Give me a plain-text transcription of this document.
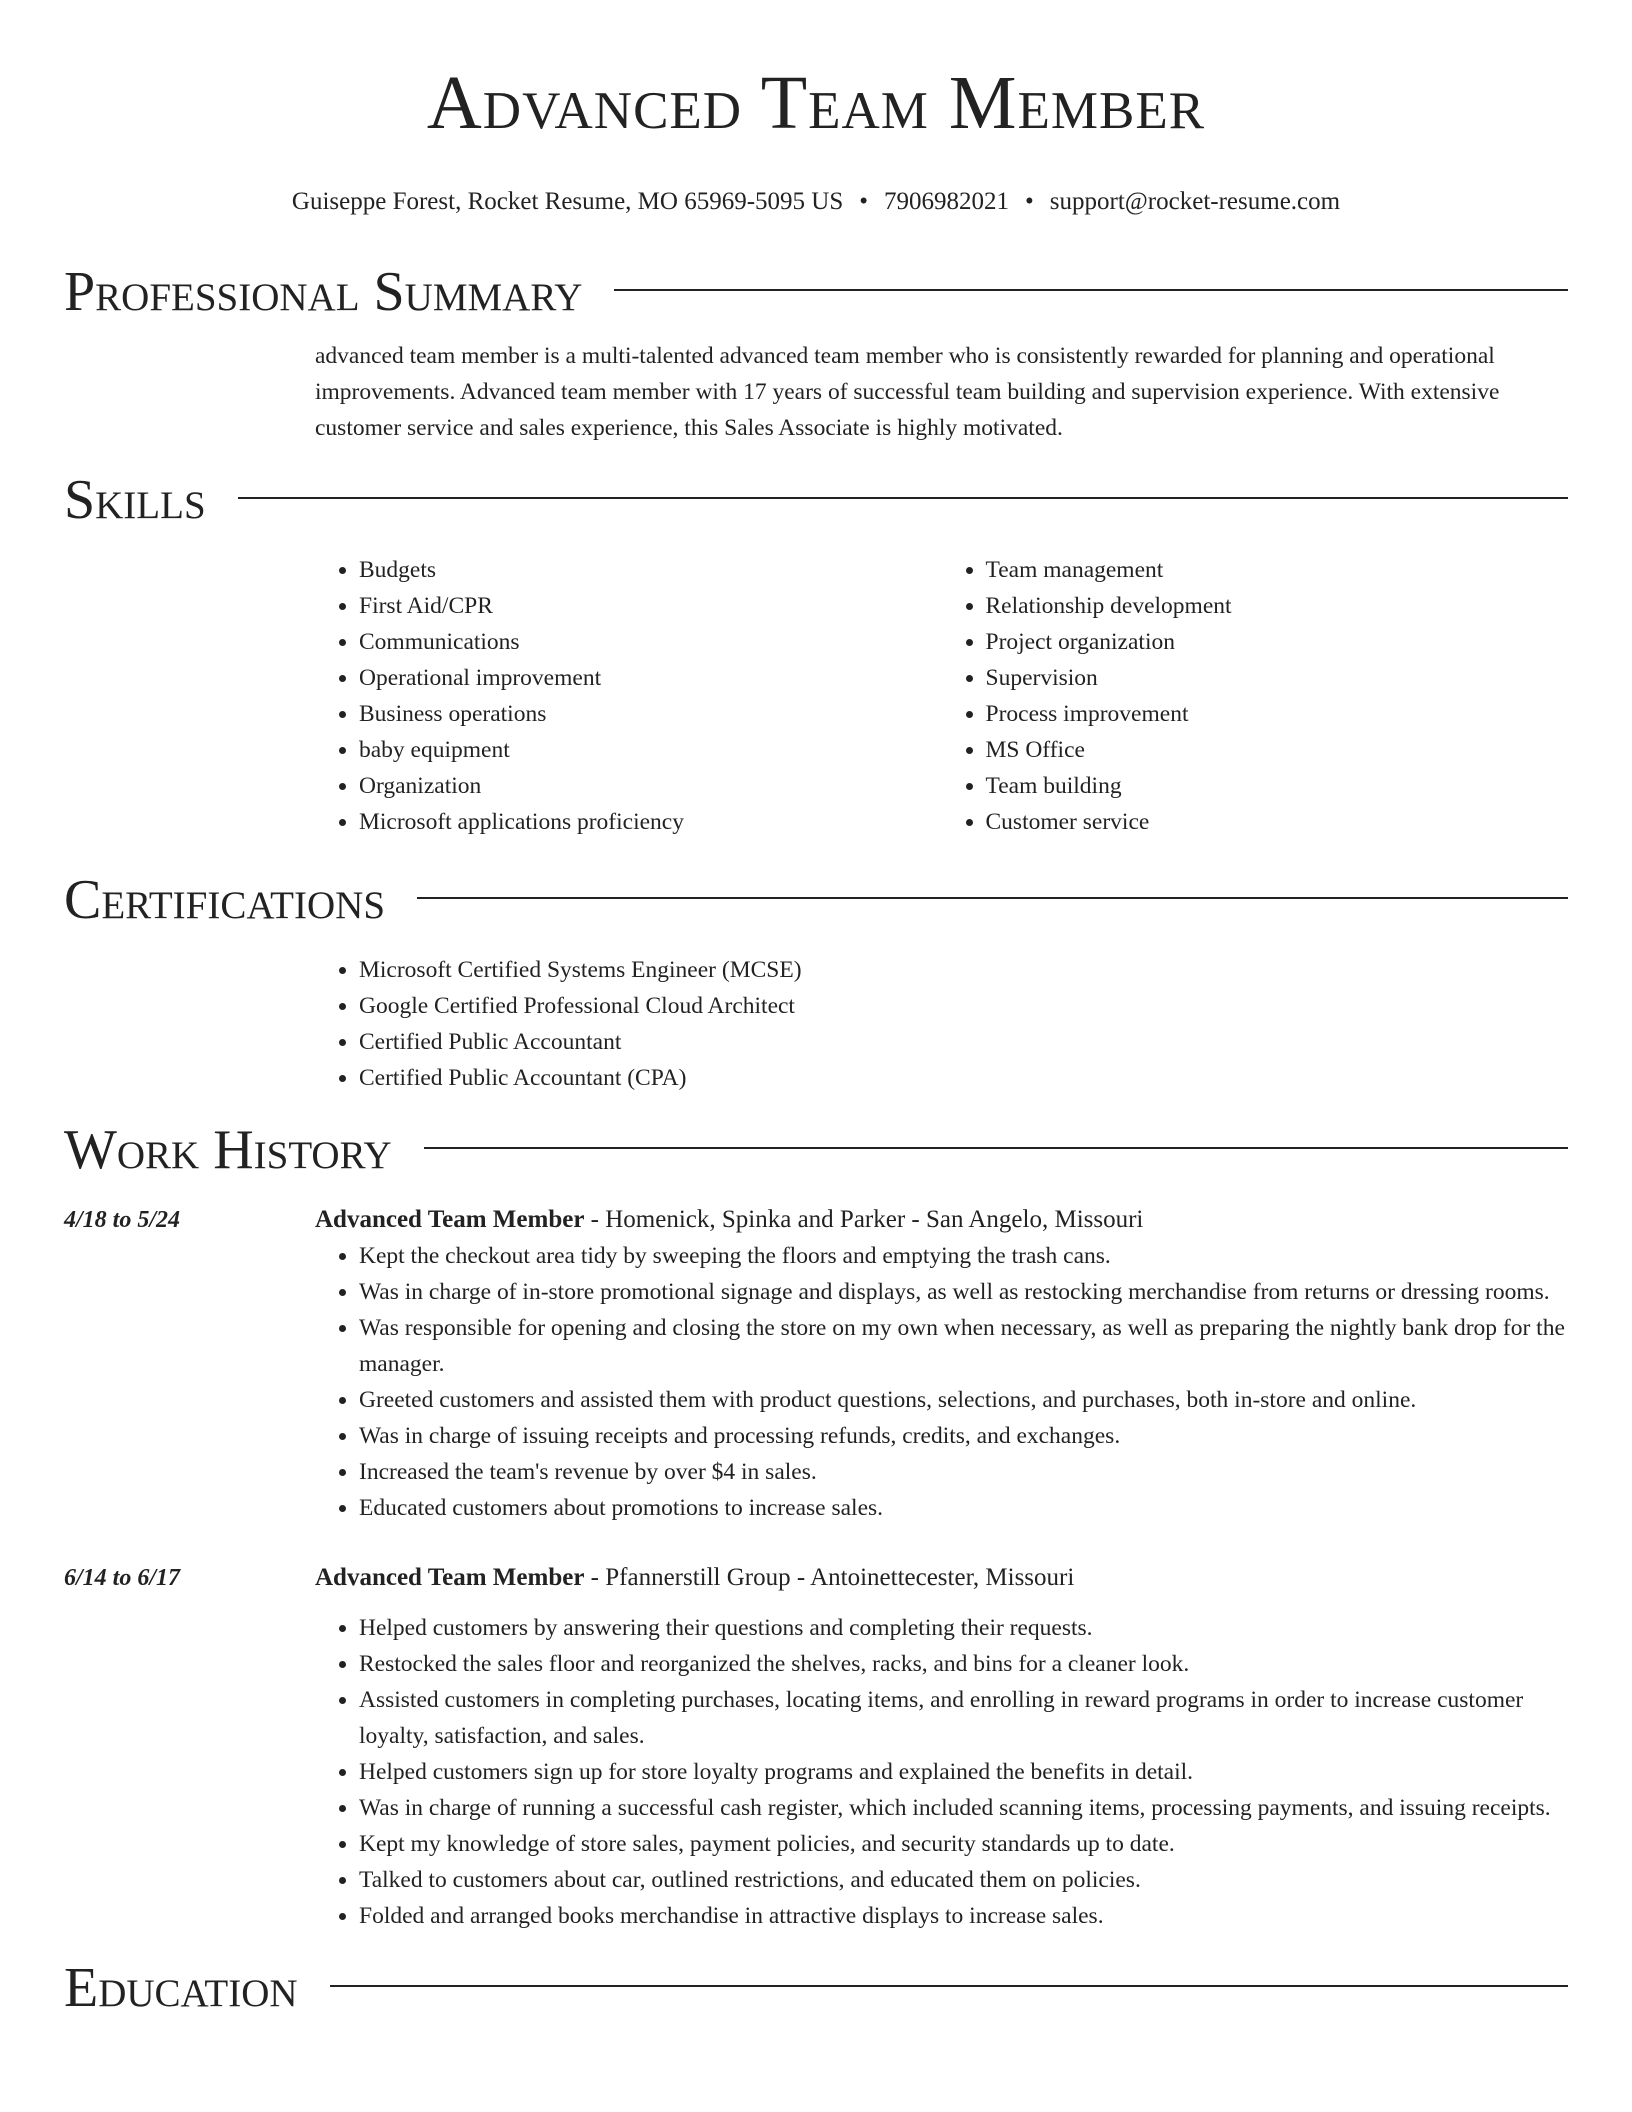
Advanced Team Member
Guiseppe Forest, Rocket Resume, MO 65969-5095 US • 7906982021 • support@rocket-resume.com
Professional Summary
advanced team member is a multi-talented advanced team member who is consistently rewarded for planning and operational improvements. Advanced team member with 17 years of successful team building and supervision experience. With extensive customer service and sales experience, this Sales Associate is highly motivated.
Skills
• Budgets
• First Aid/CPR
• Communications
• Operational improvement
• Business operations
• baby equipment
• Organization
• Microsoft applications proficiency
• Team management
• Relationship development
• Project organization
• Supervision
• Process improvement
• MS Office
• Team building
• Customer service
Certifications
• Microsoft Certified Systems Engineer (MCSE)
• Google Certified Professional Cloud Architect
• Certified Public Accountant
• Certified Public Accountant (CPA)
Work History
4/18 to 5/24	Advanced Team Member - Homenick, Spinka and Parker - San Angelo, Missouri
• Kept the checkout area tidy by sweeping the floors and emptying the trash cans.
• Was in charge of in-store promotional signage and displays, as well as restocking merchandise from returns or dressing rooms.
• Was responsible for opening and closing the store on my own when necessary, as well as preparing the nightly bank drop for the manager.
• Greeted customers and assisted them with product questions, selections, and purchases, both in-store and online.
• Was in charge of issuing receipts and processing refunds, credits, and exchanges.
• Increased the team's revenue by over $4 in sales.
• Educated customers about promotions to increase sales.
6/14 to 6/17	Advanced Team Member - Pfannerstill Group - Antoinettecester, Missouri
• Helped customers by answering their questions and completing their requests.
• Restocked the sales floor and reorganized the shelves, racks, and bins for a cleaner look.
• Assisted customers in completing purchases, locating items, and enrolling in reward programs in order to increase customer loyalty, satisfaction, and sales.
• Helped customers sign up for store loyalty programs and explained the benefits in detail.
• Was in charge of running a successful cash register, which included scanning items, processing payments, and issuing receipts.
• Kept my knowledge of store sales, payment policies, and security standards up to date.
• Talked to customers about car, outlined restrictions, and educated them on policies.
• Folded and arranged books merchandise in attractive displays to increase sales.
Education
